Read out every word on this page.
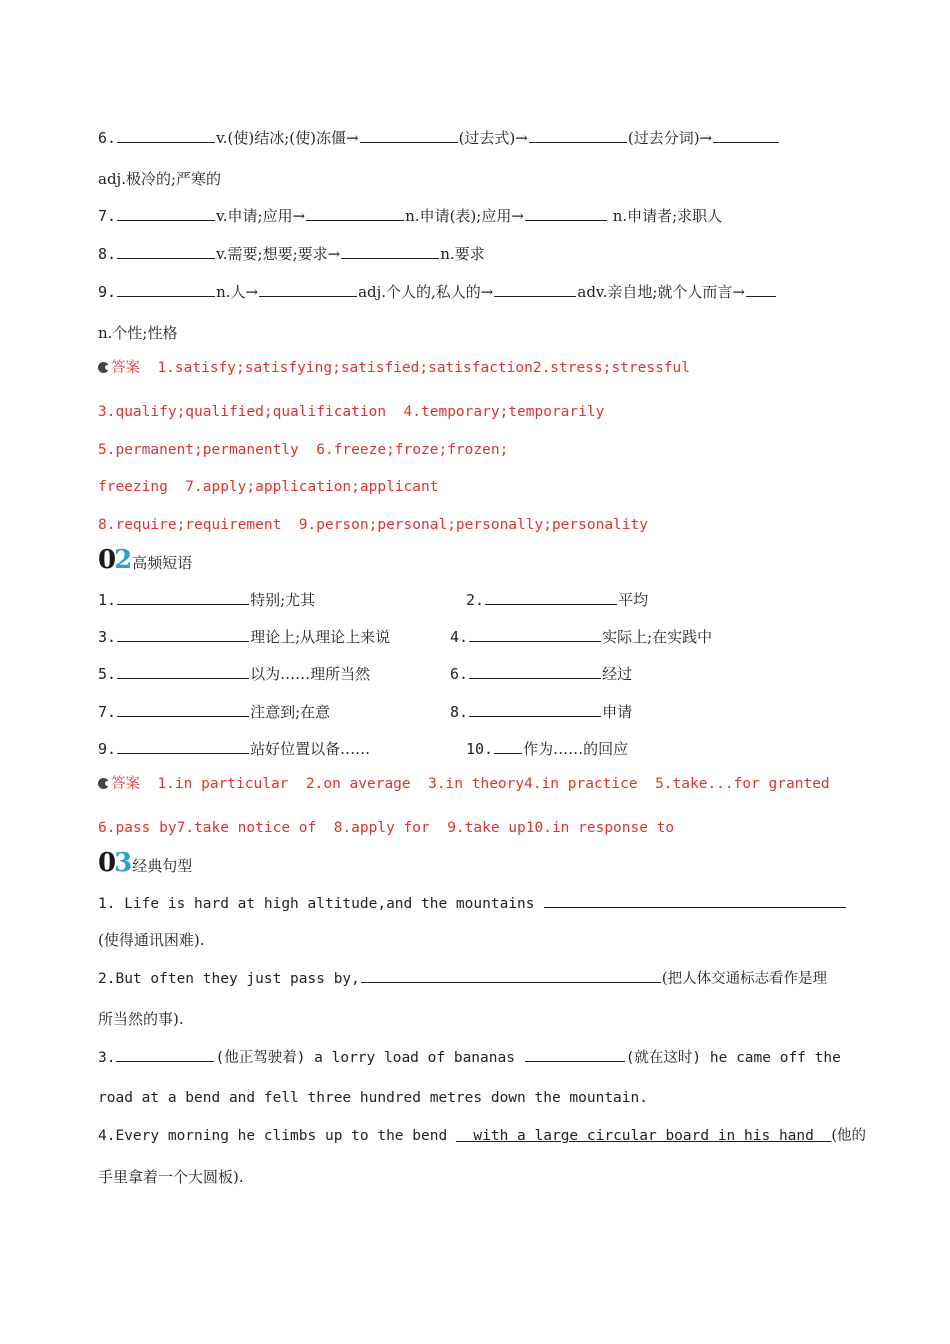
6.	v.(使)结冰;(使)冻僵→	(过去式)→	(过去分词)→
adj.极冷的;严寒的
7.	v.申请;应用→	n.申请(表);应用→	n.申请者;求职人
8.	v.需要;想要;要求→	n.要求
9.	n.人→	adj.个人的,私人的→	adv.亲自地;就个人而言→
n.个性;性格
答案 1.satisfy;satisfying;satisfied;satisfaction2.stress;stressful
3.qualify;qualified;qualification  4.temporary;temporarily
5.permanent;permanently  6.freeze;froze;frozen;
freezing  7.apply;application;applicant
8.require;requirement  9.person;personal;personally;personality
02 高频短语
1.	特别;尤其	2.	平均
3.	理论上;从理论上来说	4.	实际上;在实践中
5.	以为……理所当然	6.	经过
7.	注意到;在意	8.	申请
9.	站好位置以备……	10. 作为……的回应
答案 1.in particular  2.on average  3.in theory4.in practice  5.take...for granted
6.pass by7.take notice of  8.apply for  9.take up10.in response to
03 经典句型
1. Life is hard at high altitude,and the mountains
(使得通讯困难).
2.But often they just pass by,	(把人体交通标志看作是理
所当然的事).
3.	(他正驾驶着) a lorry load of bananas	(就在这时) he came off the
road at a bend and fell three hundred metres down the mountain.
4.Every morning he climbs up to the bend   with a large circular board in his hand  (他的
手里拿着一个大圆板).
